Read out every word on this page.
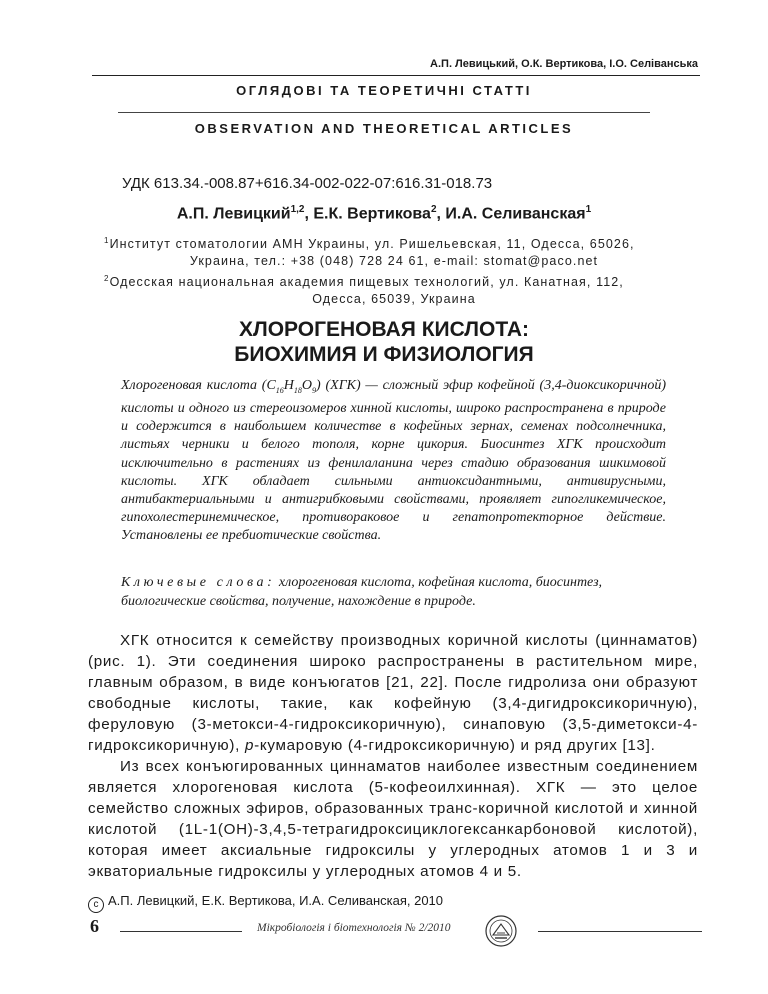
А.П. Левицький, О.К. Вертикова, І.О. Селіванська
ОГЛЯДОВІ ТА ТЕОРЕТИЧНІ СТАТТІ
OBSERVATION AND THEORETICAL ARTICLES
УДК 613.34.-008.87+616.34-002-022-07:616.31-018.73
А.П. Левицкий$^{1,2}$, Е.К. Вертикова$^2$, И.А. Селиванская$^1$
$^1$Институт стоматологии АМН Украины, ул. Ришельевская, 11, Одесса, 65026,
Украина, тел.: +38 (048) 728 24 61, e-mail: stomat@paco.net
$^2$Одесская национальная академия пищевых технологий, ул. Канатная, 112,
Одесса, 65039, Украина
ХЛОРОГЕНОВАЯ КИСЛОТА:
БИОХИМИЯ И ФИЗИОЛОГИЯ
Хлорогеновая кислота $(C_{16}H_{18}O_9)$ (ХГК) — сложный эфир кофейной (3,4-диоксикоричной) кислоты и одного из стереоизомеров хинной кислоты, широко распространена в природе и содержится в наибольшем количестве в кофейных зернах, семенах подсолнечника, листьях черники и белого тополя, корне цикория. Биосинтез ХГК происходит исключительно в растениях из фенилаланина через стадию образования шикимовой кислоты. ХГК обладает сильными антиоксидантными, антивирусными, антибактериальными и антигрибковыми свойствами, проявляет гипогликемическое, гипохолестеринемическое, противораковое и гепатопротекторное действие. Установлены ее пребиотические свойства.
Ключевые слова: хлорогеновая кислота, кофейная кислота, биосинтез, биологические свойства, получение, нахождение в природе.

ХГК относится к семейству производных коричной кислоты (циннаматов) (рис. 1). Эти соединения широко распространены в растительном мире, главным образом, в виде конъюгатов [21, 22]. После гидролиза они образуют свободные кислоты, такие, как кофейную (3,4-дигидроксикоричную), феруловую (3-метокси-4-гидроксикоричную), синаповую (3,5-диметокси-4-гидроксикоричную), p-кумаровую (4-гидроксикоричную) и ряд других [13].

Из всех конъюгированных циннаматов наиболее известным соединением является хлорогеновая кислота (5-кофеоилхинная). ХГК — это целое семейство сложных эфиров, образованных транс-коричной кислотой и хинной кислотой (1L-1(OH)-3,4,5-тетрагидроксициклогексанкарбоновой кислотой), которая имеет аксиальные гидроксилы у углеродных атомов 1 и 3 и экваториальные гидроксилы у углеродных атомов 4 и 5.

c А.П. Левицкий, Е.К. Вертикова, И.А. Селиванская, 2010
6	Мікробіологія і біотехнологія № 2/2010
